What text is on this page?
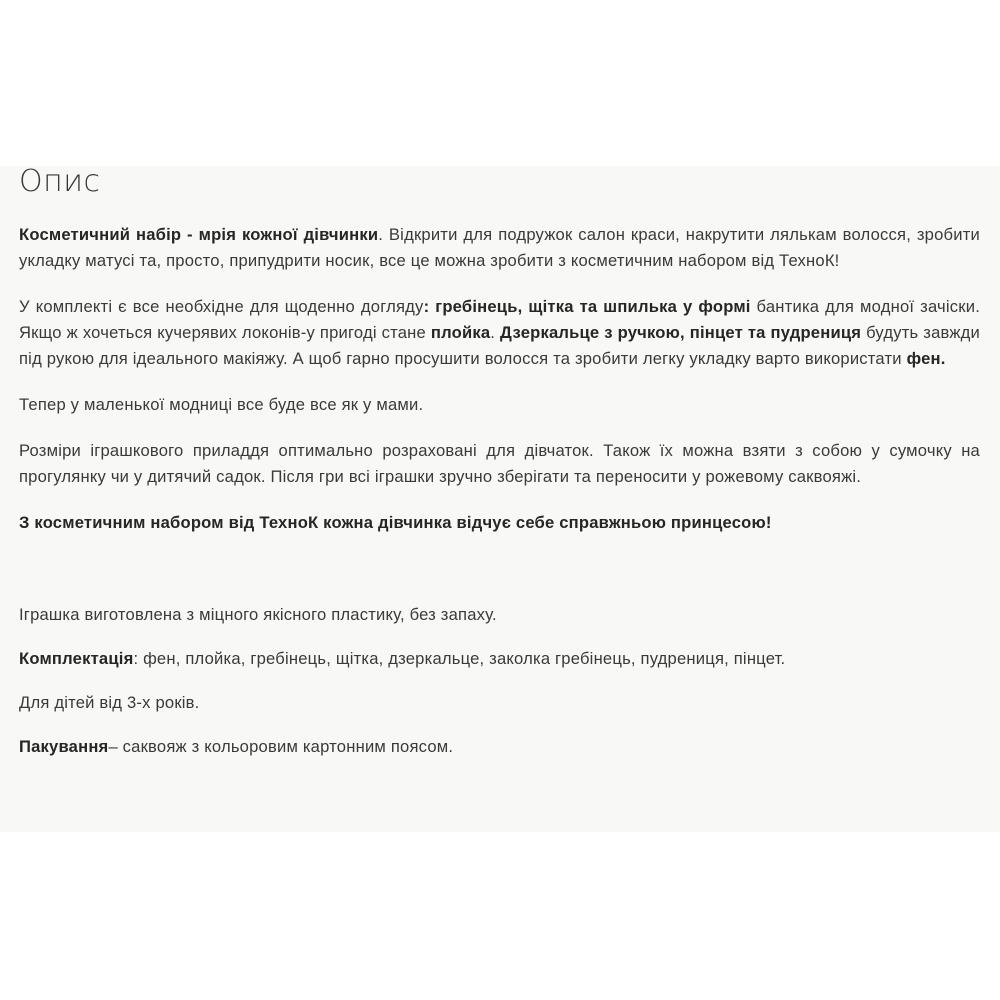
Опис

Косметичний набір - мрія кожної дівчинки. Відкрити для подружок салон краси, накрутити лялькам волосся, зробити укладку матусі та, просто, припудрити носик, все це можна зробити з косметичним набором від ТехноК!

У комплекті є все необхідне для щоденно догляду: гребінець, щітка та шпилька у формі бантика для модної зачіски. Якщо ж хочеться кучерявих локонів-у пригоді стане плойка. Дзеркальце з ручкою, пінцет та пудрениця будуть завжди під рукою для ідеального макіяжу. А щоб гарно просушити волосся та зробити легку укладку варто використати фен.

Тепер у маленької модниці все буде все як у мами.

Розміри іграшкового приладдя оптимально розраховані для дівчаток. Також їх можна взяти з собою у сумочку на прогулянку чи у дитячий садок. Після гри всі іграшки зручно зберігати та переносити у рожевому саквояжі.

З косметичним набором від ТехноК кожна дівчинка відчує себе справжньою принцесою!

Іграшка виготовлена з міцного якісного пластику, без запаху.

Комплектація: фен, плойка, гребінець, щітка, дзеркальце, заколка гребінець, пудрениця, пінцет.

Для дітей від 3-х років.

Пакування– саквояж з кольоровим картонним поясом.
